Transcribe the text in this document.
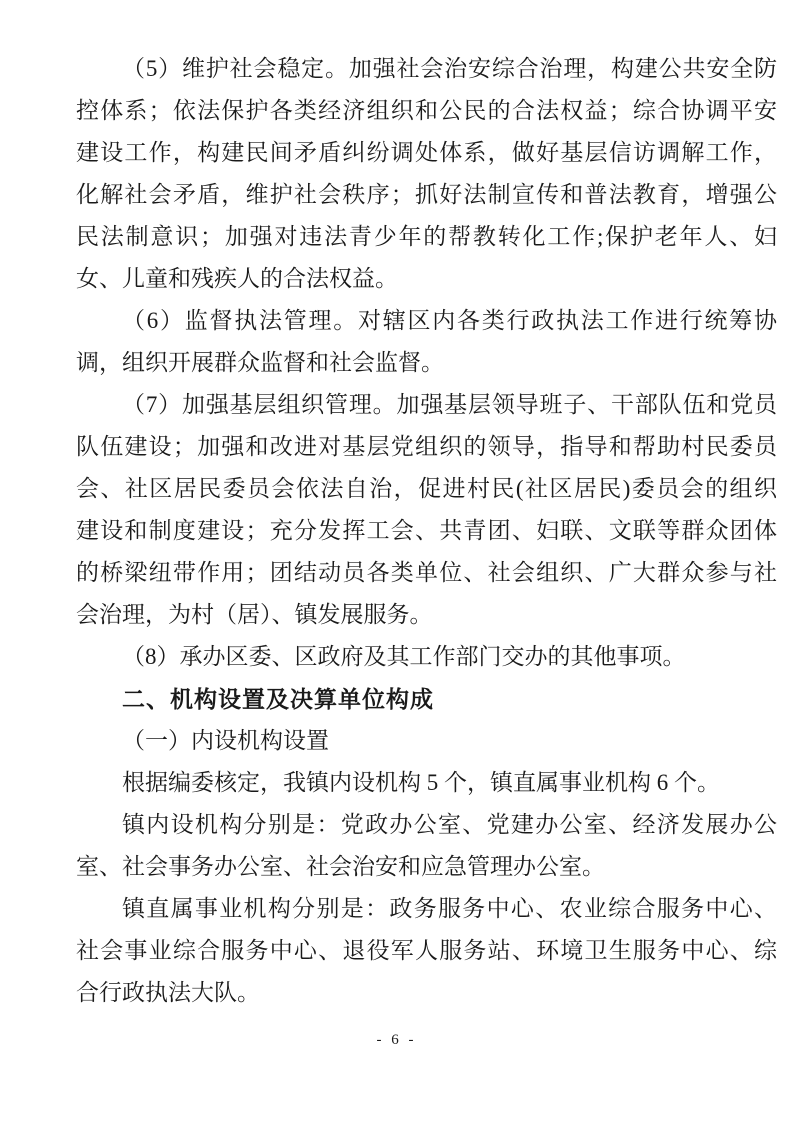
（5）维护社会稳定。加强社会治安综合治理，构建公共安全防
控体系；依法保护各类经济组织和公民的合法权益；综合协调平安
建设工作，构建民间矛盾纠纷调处体系，做好基层信访调解工作，
化解社会矛盾，维护社会秩序；抓好法制宣传和普法教育，增强公
民法制意识；加强对违法青少年的帮教转化工作;保护老年人、妇
女、儿童和残疾人的合法权益。
（6）监督执法管理。对辖区内各类行政执法工作进行统筹协
调，组织开展群众监督和社会监督。
（7）加强基层组织管理。加强基层领导班子、干部队伍和党员
队伍建设；加强和改进对基层党组织的领导，指导和帮助村民委员
会、社区居民委员会依法自治，促进村民(社区居民)委员会的组织
建设和制度建设；充分发挥工会、共青团、妇联、文联等群众团体
的桥梁纽带作用；团结动员各类单位、社会组织、广大群众参与社
会治理，为村（居）、镇发展服务。
（8）承办区委、区政府及其工作部门交办的其他事项。
二、机构设置及决算单位构成
（一）内设机构设置
根据编委核定，我镇内设机构 5 个，镇直属事业机构 6 个。
镇内设机构分别是：党政办公室、党建办公室、经济发展办公
室、社会事务办公室、社会治安和应急管理办公室。
镇直属事业机构分别是：政务服务中心、农业综合服务中心、
社会事业综合服务中心、退役军人服务站、环境卫生服务中心、综
合行政执法大队。
- 6 -
